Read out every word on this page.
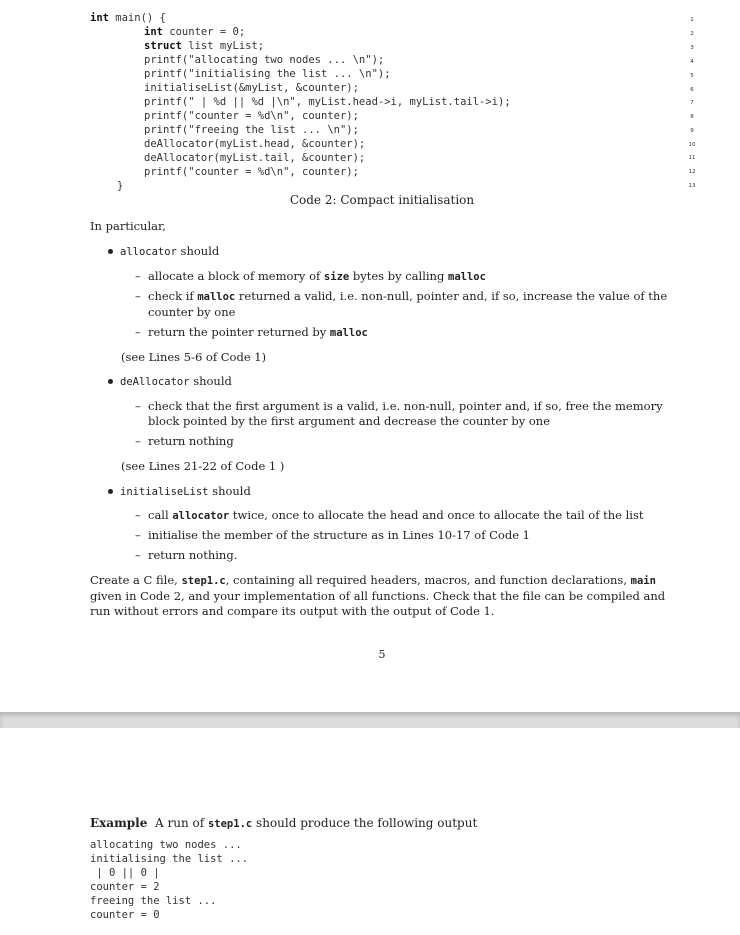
int main() {
int counter = 0;
struct list myList;
printf("allocating two nodes ... \n");
printf("initialising the list ... \n");
initialiseList(&myList, &counter);
printf(" | %d || %d |\n", myList.head->i, myList.tail->i);
printf("counter = %d\n", counter);
printf("freeing the list ... \n");
deAllocator(myList.head, &counter);
deAllocator(myList.tail, &counter);
printf("counter = %d\n", counter);
}
1
2
3
4
5
6
7
8
9
10
11
12
13
Code 2: Compact initialisation
In particular,
allocator should
– allocate a block of memory of size bytes by calling malloc
– check if malloc returned a valid, i.e. non-null, pointer and, if so, increase the value of the counter by one
– return the pointer returned by malloc
(see Lines 5-6 of Code 1)
deAllocator should
– check that the first argument is a valid, i.e. non-null, pointer and, if so, free the memory block pointed by the first argument and decrease the counter by one
– return nothing
(see Lines 21-22 of Code 1 )
initialiseList should
– call allocator twice, once to allocate the head and once to allocate the tail of the list
– initialise the member of the structure as in Lines 10-17 of Code 1
– return nothing.
Create a C file, step1.c, containing all required headers, macros, and function declarations, main given in Code 2, and your implementation of all functions. Check that the file can be compiled and run without errors and compare its output with the output of Code 1.
5
Example A run of step1.c should produce the following output
allocating two nodes ...
initialising the list ...
| 0 || 0 |
counter = 2
freeing the list ...
counter = 0
